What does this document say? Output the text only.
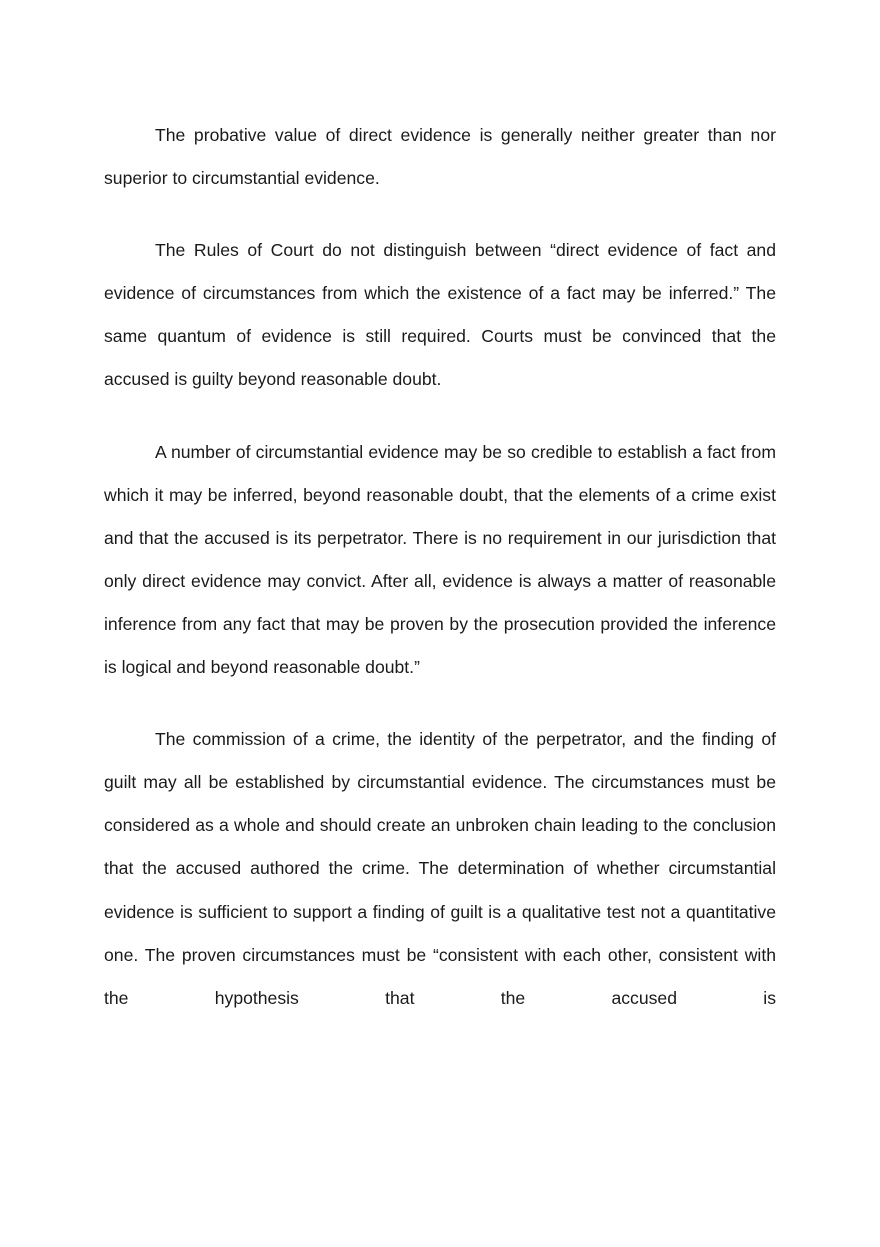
The probative value of direct evidence is generally neither greater than nor superior to circumstantial evidence.

The Rules of Court do not distinguish between “direct evidence of fact and evidence of circumstances from which the existence of a fact may be inferred.” The same quantum of evidence is still required. Courts must be convinced that the accused is guilty beyond reasonable doubt.

A number of circumstantial evidence may be so credible to establish a fact from which it may be inferred, beyond reasonable doubt, that the elements of a crime exist and that the accused is its perpetrator. There is no requirement in our jurisdiction that only direct evidence may convict. After all, evidence is always a matter of reasonable inference from any fact that may be proven by the prosecution provided the inference is logical and beyond reasonable doubt.”

The commission of a crime, the identity of the perpetrator, and the finding of guilt may all be established by circumstantial evidence. The circumstances must be considered as a whole and should create an unbroken chain leading to the conclusion that the accused authored the crime. The determination of whether circumstantial evidence is sufficient to support a finding of guilt is a qualitative test not a quantitative one. The proven circumstances must be “consistent with each other, consistent with the hypothesis that the accused is
